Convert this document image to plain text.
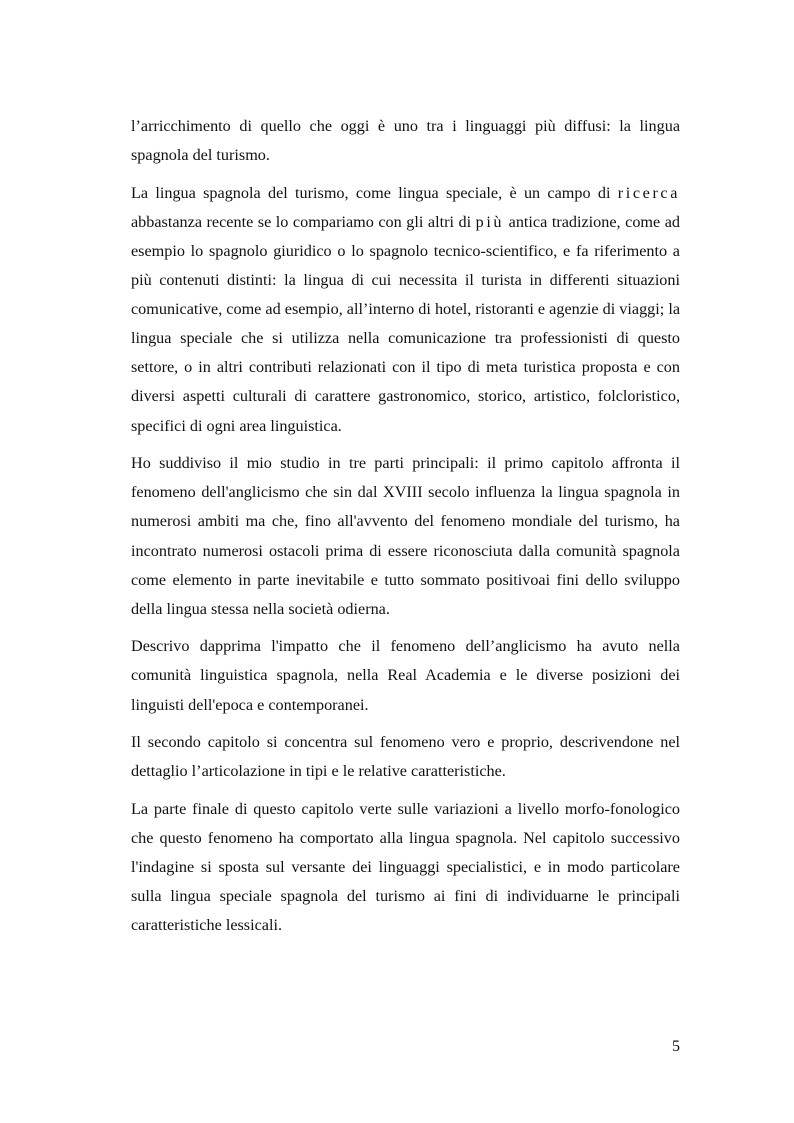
l’arricchimento di quello che oggi è uno tra i linguaggi più diffusi: la lingua spagnola del turismo.

La lingua spagnola del turismo, come lingua speciale, è un campo di ricerca abbastanza recente se lo compariamo con gli altri di più antica tradizione, come ad esempio lo spagnolo giuridico o lo spagnolo tecnico-scientifico, e fa riferimento a più contenuti distinti: la lingua di cui necessita il turista in differenti situazioni comunicative, come ad esempio, all’interno di hotel, ristoranti e agenzie di viaggi; la lingua speciale che si utilizza nella comunicazione tra professionisti di questo settore, o in altri contributi relazionati con il tipo di meta turistica proposta e con diversi aspetti culturali di carattere gastronomico, storico, artistico, folcloristico, specifici di ogni area linguistica.

Ho suddiviso il mio studio in tre parti principali: il primo capitolo affronta il fenomeno dell'anglicismo che sin dal XVIII secolo influenza la lingua spagnola in numerosi ambiti ma che, fino all'avvento del fenomeno mondiale del turismo, ha incontrato numerosi ostacoli prima di essere riconosciuta dalla comunità spagnola come elemento in parte inevitabile e tutto sommato positivoai fini dello sviluppo della lingua stessa nella società odierna.

Descrivo dapprima l'impatto che il fenomeno dell’anglicismo ha avuto nella comunità linguistica spagnola, nella Real Academia e le diverse posizioni dei linguisti dell'epoca e contemporanei.

Il secondo capitolo si concentra sul fenomeno vero e proprio, descrivendone nel dettaglio l’articolazione in tipi e le relative caratteristiche.

La parte finale di questo capitolo verte sulle variazioni a livello morfo-fonologico che questo fenomeno ha comportato alla lingua spagnola. Nel capitolo successivo l'indagine si sposta sul versante dei linguaggi specialistici, e in modo particolare sulla lingua speciale spagnola del turismo ai fini di individuarne le principali caratteristiche lessicali.

5
